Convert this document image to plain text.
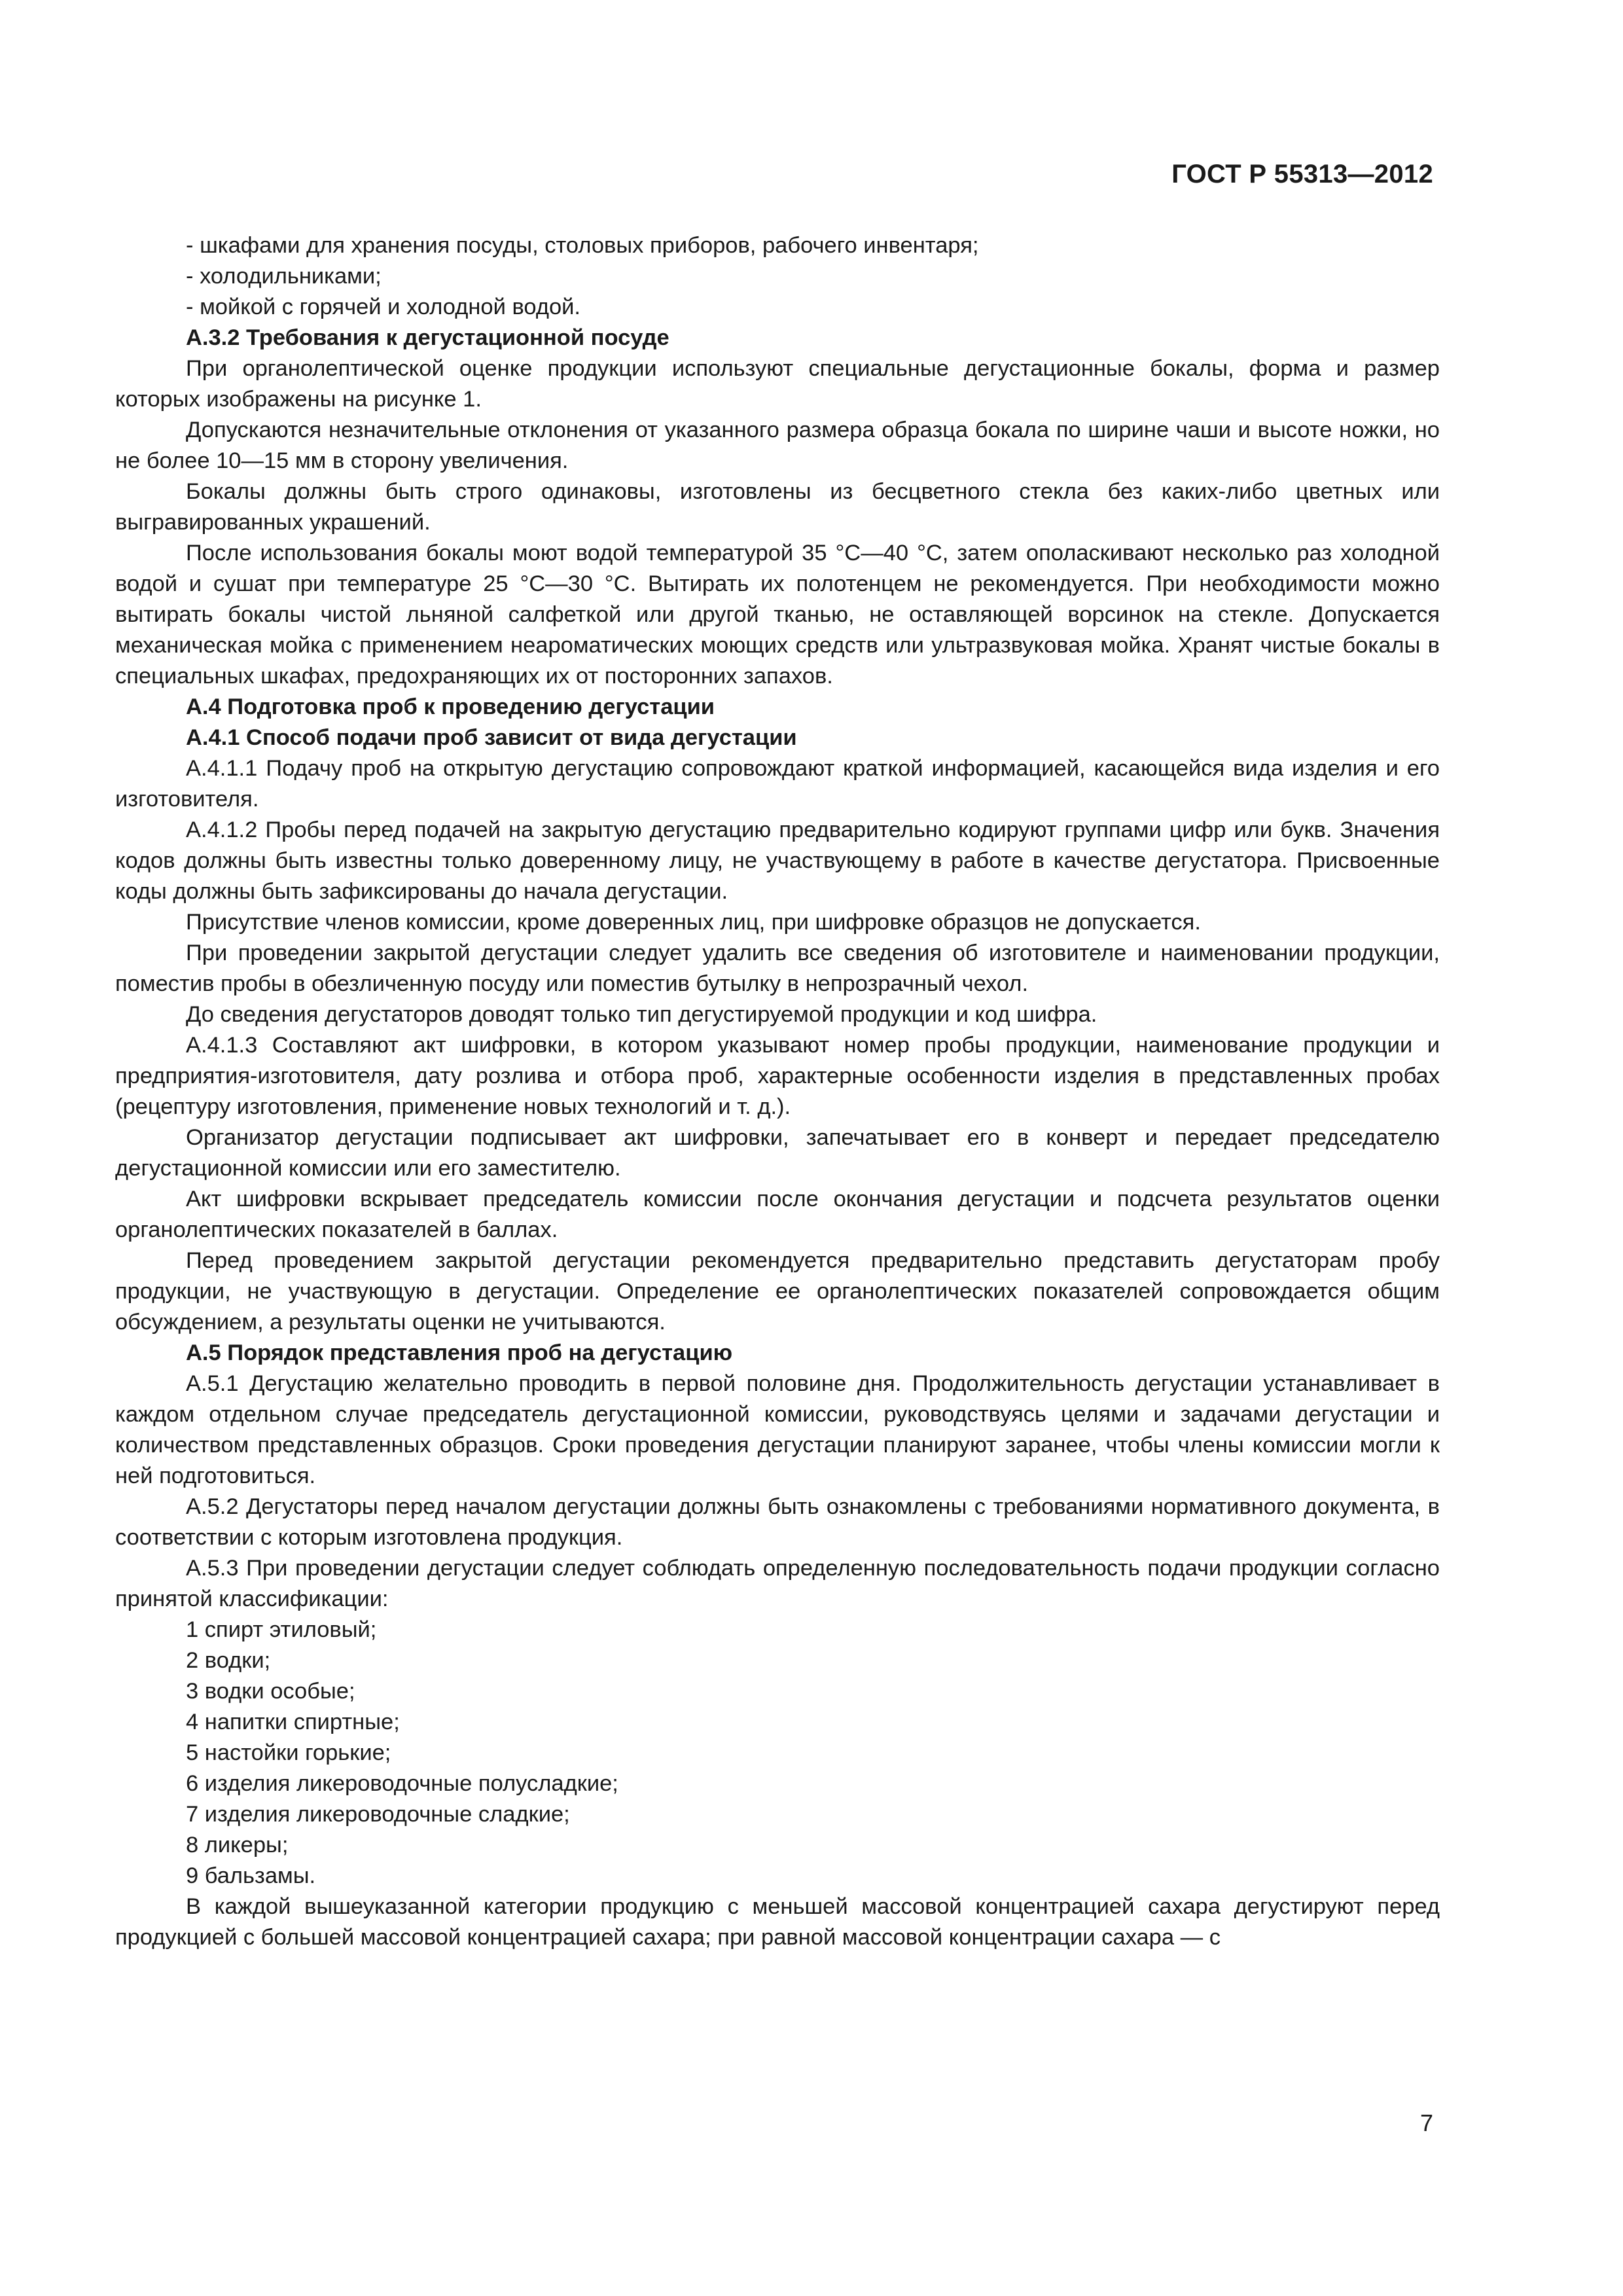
ГОСТ Р 55313—2012
- шкафами для хранения посуды, столовых приборов, рабочего инвентаря;
- холодильниками;
- мойкой с горячей и холодной водой.
А.3.2 Требования к дегустационной посуде
При органолептической оценке продукции используют специальные дегустационные бокалы, форма и размер которых изображены на рисунке 1.
Допускаются незначительные отклонения от указанного размера образца бокала по ширине чаши и высоте ножки, но не более 10—15 мм в сторону увеличения.
Бокалы должны быть строго одинаковы, изготовлены из бесцветного стекла без каких-либо цветных или выгравированных украшений.
После использования бокалы моют водой температурой 35 °С—40 °С, затем ополаскивают несколько раз холодной водой и сушат при температуре 25 °С—30 °С. Вытирать их полотенцем не рекомендуется. При необходимости можно вытирать бокалы чистой льняной салфеткой или другой тканью, не оставляющей ворсинок на стекле. Допускается механическая мойка с применением неароматических моющих средств или ультразвуковая мойка. Хранят чистые бокалы в специальных шкафах, предохраняющих их от посторонних запахов.
А.4 Подготовка проб к проведению дегустации
А.4.1 Способ подачи проб зависит от вида дегустации
А.4.1.1 Подачу проб на открытую дегустацию сопровождают краткой информацией, касающейся вида изделия и его изготовителя.
А.4.1.2 Пробы перед подачей на закрытую дегустацию предварительно кодируют группами цифр или букв. Значения кодов должны быть известны только доверенному лицу, не участвующему в работе в качестве дегустатора. Присвоенные коды должны быть зафиксированы до начала дегустации.
Присутствие членов комиссии, кроме доверенных лиц, при шифровке образцов не допускается.
При проведении закрытой дегустации следует удалить все сведения об изготовителе и наименовании продукции, поместив пробы в обезличенную посуду или поместив бутылку в непрозрачный чехол.
До сведения дегустаторов доводят только тип дегустируемой продукции и код шифра.
А.4.1.3 Составляют акт шифровки, в котором указывают номер пробы продукции, наименование продукции и предприятия-изготовителя, дату розлива и отбора проб, характерные особенности изделия в представленных пробах (рецептуру изготовления, применение новых технологий и т. д.).
Организатор дегустации подписывает акт шифровки, запечатывает его в конверт и передает председателю дегустационной комиссии или его заместителю.
Акт шифровки вскрывает председатель комиссии после окончания дегустации и подсчета результатов оценки органолептических показателей в баллах.
Перед проведением закрытой дегустации рекомендуется предварительно представить дегустаторам пробу продукции, не участвующую в дегустации. Определение ее органолептических показателей сопровождается общим обсуждением, а результаты оценки не учитываются.
А.5 Порядок представления проб на дегустацию
А.5.1 Дегустацию желательно проводить в первой половине дня. Продолжительность дегустации устанавливает в каждом отдельном случае председатель дегустационной комиссии, руководствуясь целями и задачами дегустации и количеством представленных образцов. Сроки проведения дегустации планируют заранее, чтобы члены комиссии могли к ней подготовиться.
А.5.2 Дегустаторы перед началом дегустации должны быть ознакомлены с требованиями нормативного документа, в соответствии с которым изготовлена продукция.
А.5.3 При проведении дегустации следует соблюдать определенную последовательность подачи продукции согласно принятой классификации:
1 спирт этиловый;
2 водки;
3 водки особые;
4 напитки спиртные;
5 настойки горькие;
6 изделия ликероводочные полусладкие;
7 изделия ликероводочные сладкие;
8 ликеры;
9 бальзамы.
В каждой вышеуказанной категории продукцию с меньшей массовой концентрацией сахара дегустируют перед продукцией с большей массовой концентрацией сахара; при равной массовой концентрации сахара — с
7
